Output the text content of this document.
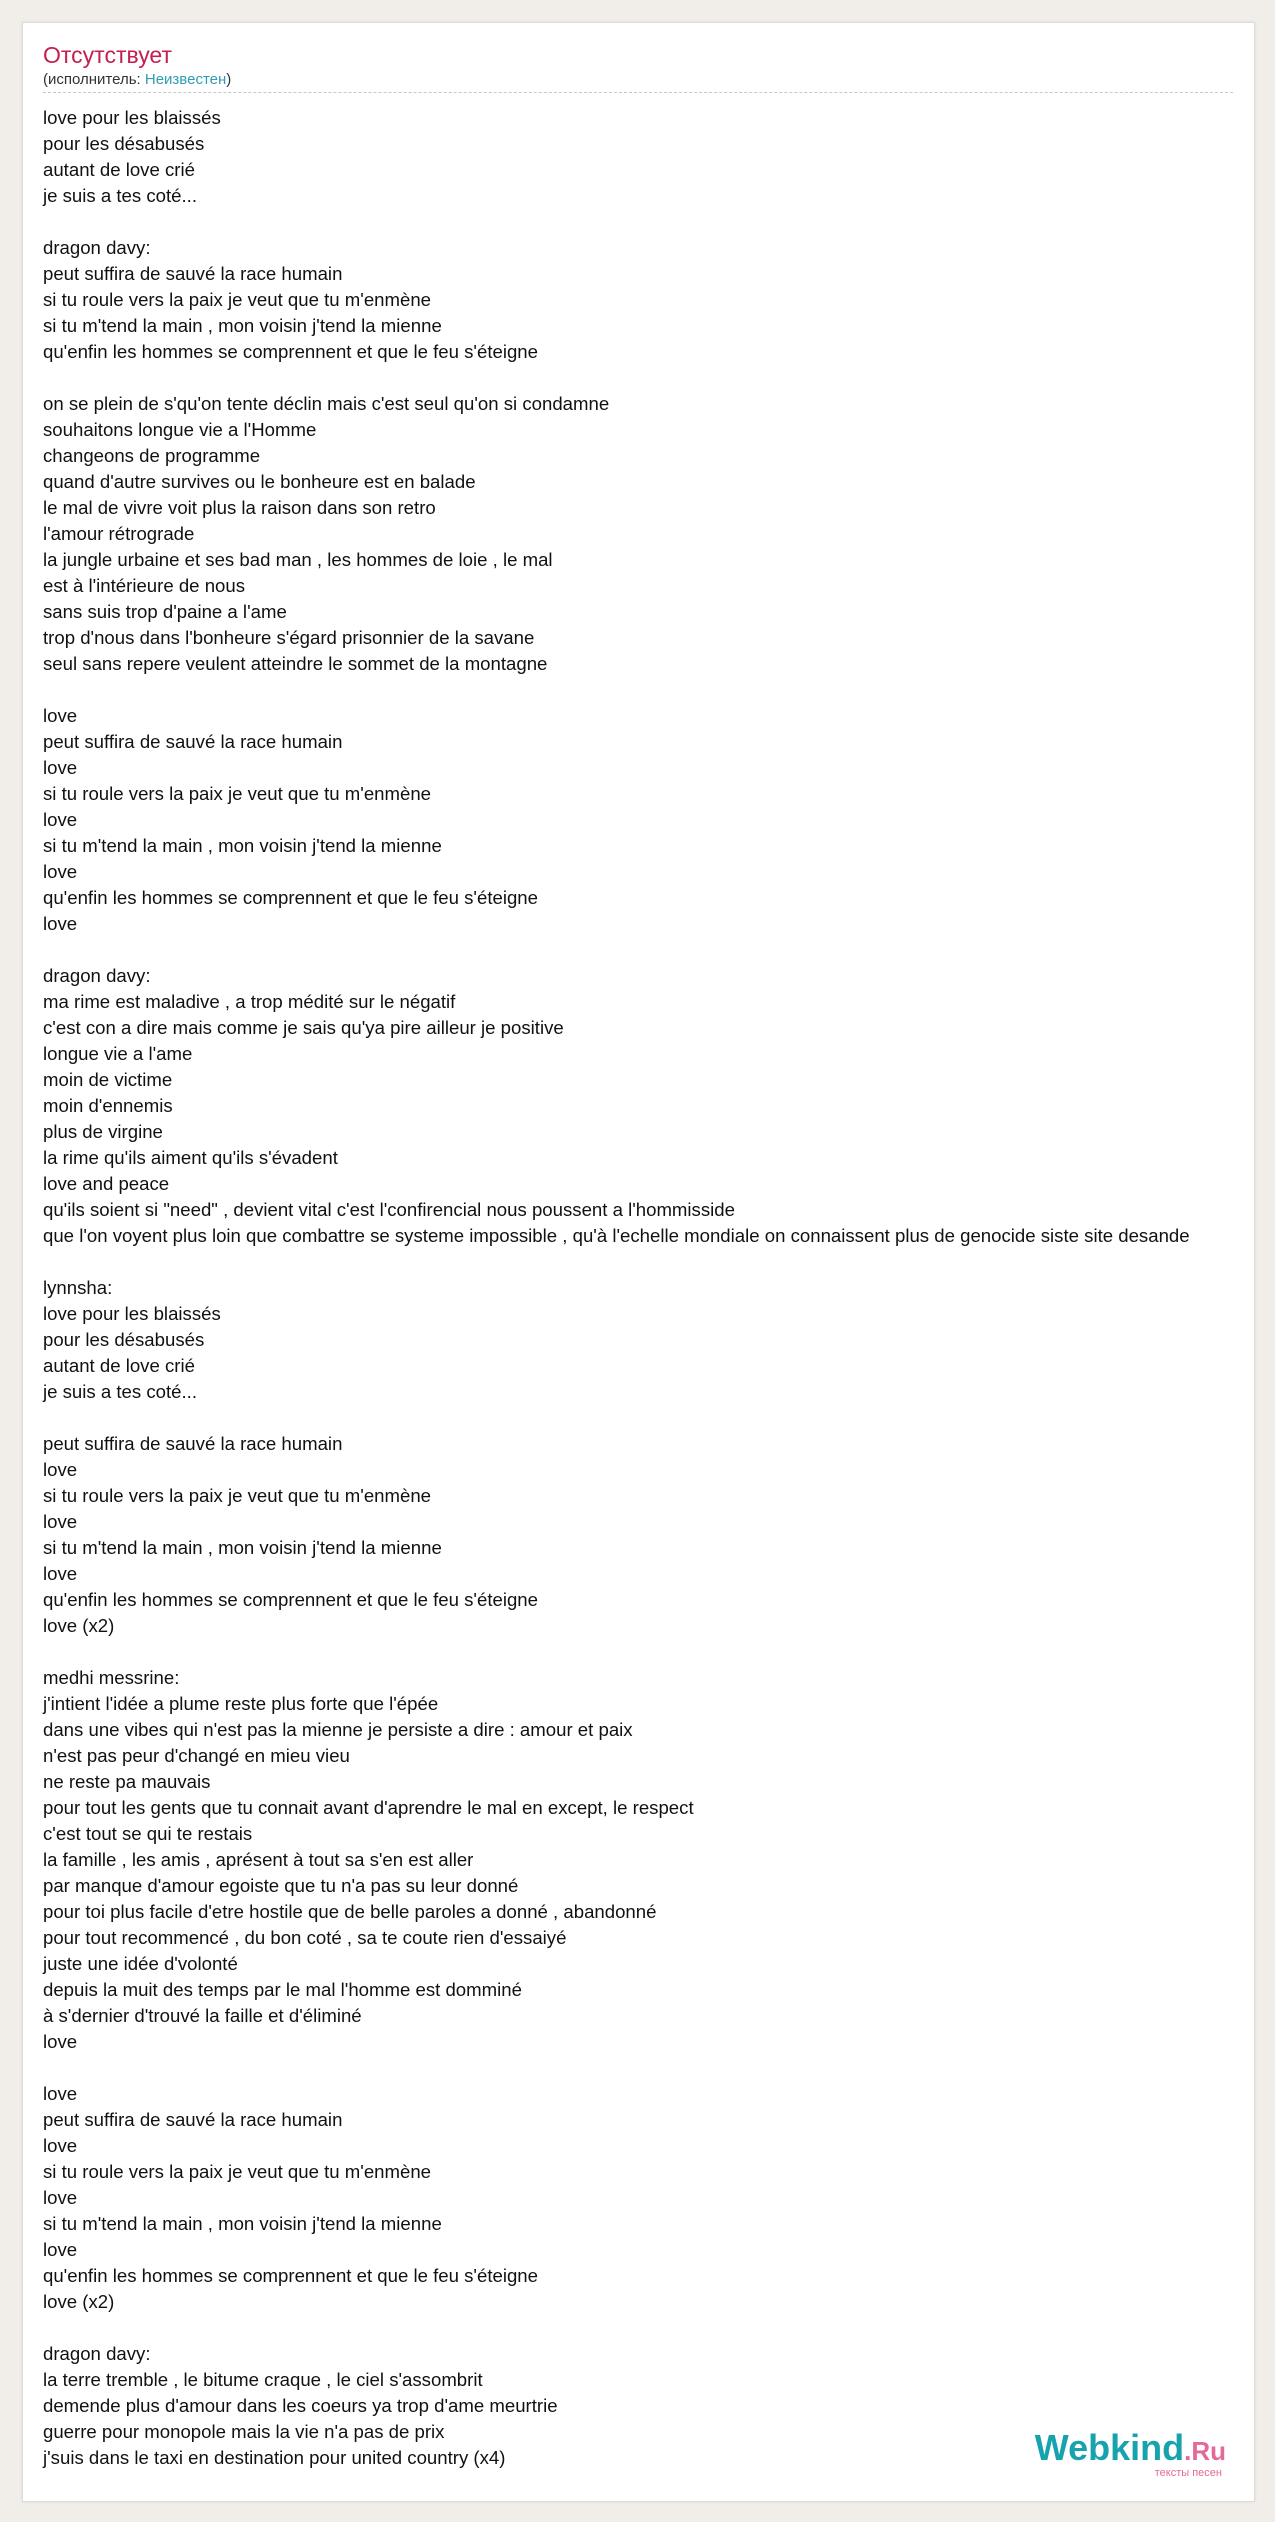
Отсутствует
(исполнитель: Неизвестен)
love pour les blaissés
pour les désabusés
autant de love crié
je suis a tes coté...

dragon davy:
peut suffira de sauvé la race humain
si tu roule vers la paix je veut que tu m'enmène
si tu m'tend la main , mon voisin j'tend la mienne
qu'enfin les hommes se comprennent et que le feu s'éteigne

on se plein de s'qu'on tente déclin mais c'est seul qu'on si condamne
souhaitons longue vie a l'Homme
changeons de programme
quand d'autre survives ou le bonheure est en balade
le mal de vivre voit plus la raison dans son retro
l'amour rétrograde
la jungle urbaine et ses bad man , les hommes de loie , le mal
est à l'intérieure de nous
sans suis trop d'paine a l'ame
trop d'nous dans l'bonheure s'égard prisonnier de la savane
seul sans repere veulent atteindre le sommet de la montagne

love
peut suffira de sauvé la race humain
love
si tu roule vers la paix je veut que tu m'enmène
love
si tu m'tend la main , mon voisin j'tend la mienne
love
qu'enfin les hommes se comprennent et que le feu s'éteigne
love

dragon davy:
ma rime est maladive , a trop médité sur le négatif
c'est con a dire mais comme je sais qu'ya pire ailleur je positive
longue vie a l'ame
moin de victime
moin d'ennemis
plus de virgine
la rime qu'ils aiment qu'ils s'évadent
love and peace
qu'ils soient si "need" , devient vital c'est l'confirencial nous poussent a l'hommisside
que l'on voyent plus loin que combattre se systeme impossible , qu'à l'echelle mondiale on connaissent plus de genocide siste site desande

lynnsha:
love pour les blaissés
pour les désabusés
autant de love crié
je suis a tes coté...

peut suffira de sauvé la race humain
love
si tu roule vers la paix je veut que tu m'enmène
love
si tu m'tend la main , mon voisin j'tend la mienne
love
qu'enfin les hommes se comprennent et que le feu s'éteigne
love (x2)

medhi messrine:
j'intient l'idée a plume reste plus forte que l'épée
dans une vibes qui n'est pas la mienne je persiste a dire : amour et paix
n'est pas peur d'changé en mieu vieu
ne reste pa mauvais
pour tout les gents que tu connait avant d'aprendre le mal en except, le respect
c'est tout se qui te restais
la famille , les amis , aprésent à tout sa s'en est aller
par manque d'amour egoiste que tu n'a pas su leur donné
pour toi plus facile d'etre hostile que de belle paroles a donné , abandonné
pour tout recommencé , du bon coté , sa te coute rien d'essaiyé
juste une idée d'volonté
depuis la muit des temps par le mal l'homme est domminé
à s'dernier d'trouvé la faille et d'éliminé
love

love
peut suffira de sauvé la race humain
love
si tu roule vers la paix je veut que tu m'enmène
love
si tu m'tend la main , mon voisin j'tend la mienne
love
qu'enfin les hommes se comprennent et que le feu s'éteigne
love (x2)

dragon davy:
la terre tremble , le bitume craque , le ciel s'assombrit
demende plus d'amour dans les coeurs ya trop d'ame meurtrie
guerre pour monopole mais la vie n'a pas de prix
j'suis dans le taxi en destination pour united country (x4)	Webkind.Ru
тексты песен
